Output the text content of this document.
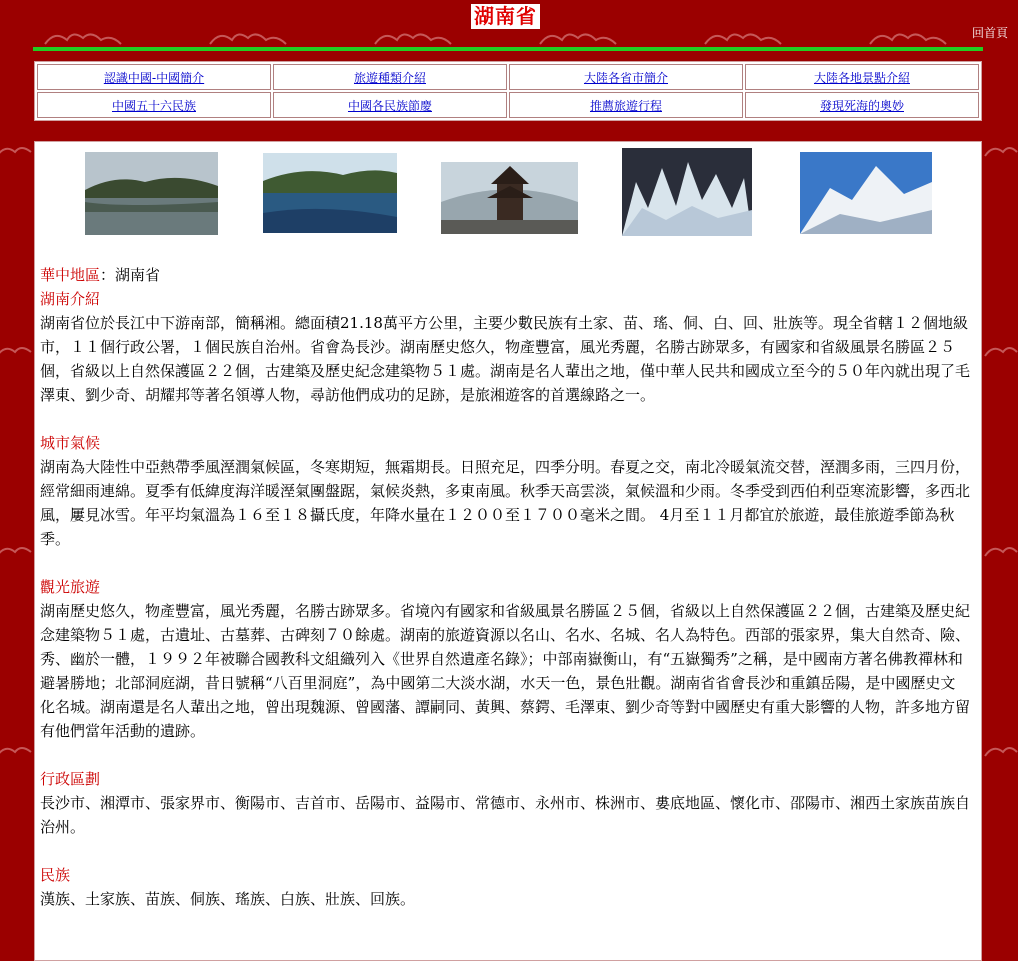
湖南省
回首頁
認識中國-中國簡介	旅遊種類介紹	大陸各省市簡介	大陸各地景點介紹
中國五十六民族	中國各民族節慶	推薦旅遊行程	發現死海的奧妙
華中地區：湖南省
湖南介紹

湖南省位於長江中下游南部，簡稱湘。總面積21.18萬平方公里，主要少數民族有土家、苗、瑤、侗、白、回、壯族等。現全省轄１２個地級市，１１個行政公署，１個民族自治州。省會為長沙。湖南歷史悠久，物產豐富，風光秀麗，名勝古跡眾多，有國家和省級風景名勝區２５個，省級以上自然保護區２２個，古建築及歷史紀念建築物５１處。湖南是名人輩出之地，僅中華人民共和國成立至今的５０年內就出現了毛澤東、劉少奇、胡耀邦等著名領導人物，尋訪他們成功的足跡，是旅湘遊客的首選線路之一。

城市氣候

湖南為大陸性中亞熱帶季風溼潤氣候區，冬寒期短，無霜期長。日照充足，四季分明。春夏之交，南北冷暖氣流交替，溼潤多雨，三四月份，經常細雨連綿。夏季有低緯度海洋暖溼氣團盤踞，氣候炎熱，多東南風。秋季天高雲淡，氣候溫和少雨。冬季受到西伯利亞寒流影響，多西北風，屢見冰雪。年平均氣溫為１６至１８攝氏度，年降水量在１２００至１７００毫米之間。 4月至１１月都宜於旅遊，最佳旅遊季節為秋季。

觀光旅遊

湖南歷史悠久，物產豐富，風光秀麗，名勝古跡眾多。省境內有國家和省級風景名勝區２５個，省級以上自然保護區２２個，古建築及歷史紀念建築物５１處，古遺址、古墓葬、古碑刻７０餘處。湖南的旅遊資源以名山、名水、名城、名人為特色。西部的張家界，集大自然奇、險、秀、幽於一體，１９９２年被聯合國教科文組織列入《世界自然遺產名錄》；中部南嶽衡山，有“五嶽獨秀”之稱，是中國南方著名佛教禪林和避暑勝地；北部洞庭湖，昔日號稱“八百里洞庭”，為中國第二大淡水湖，水天一色，景色壯觀。湖南省省會長沙和重鎮岳陽，是中國歷史文化名城。湖南還是名人輩出之地，曾出現魏源、曾國藩、譚嗣同、黃興、蔡鍔、毛澤東、劉少奇等對中國歷史有重大影響的人物，許多地方留有他們當年活動的遺跡。

行政區劃

長沙市、湘潭市、張家界市、衡陽市、吉首市、岳陽市、益陽市、常德市、永州市、株洲市、婁底地區、懷化市、邵陽市、湘西土家族苗族自治州。

民族

漢族、土家族、苗族、侗族、瑤族、白族、壯族、回族。
